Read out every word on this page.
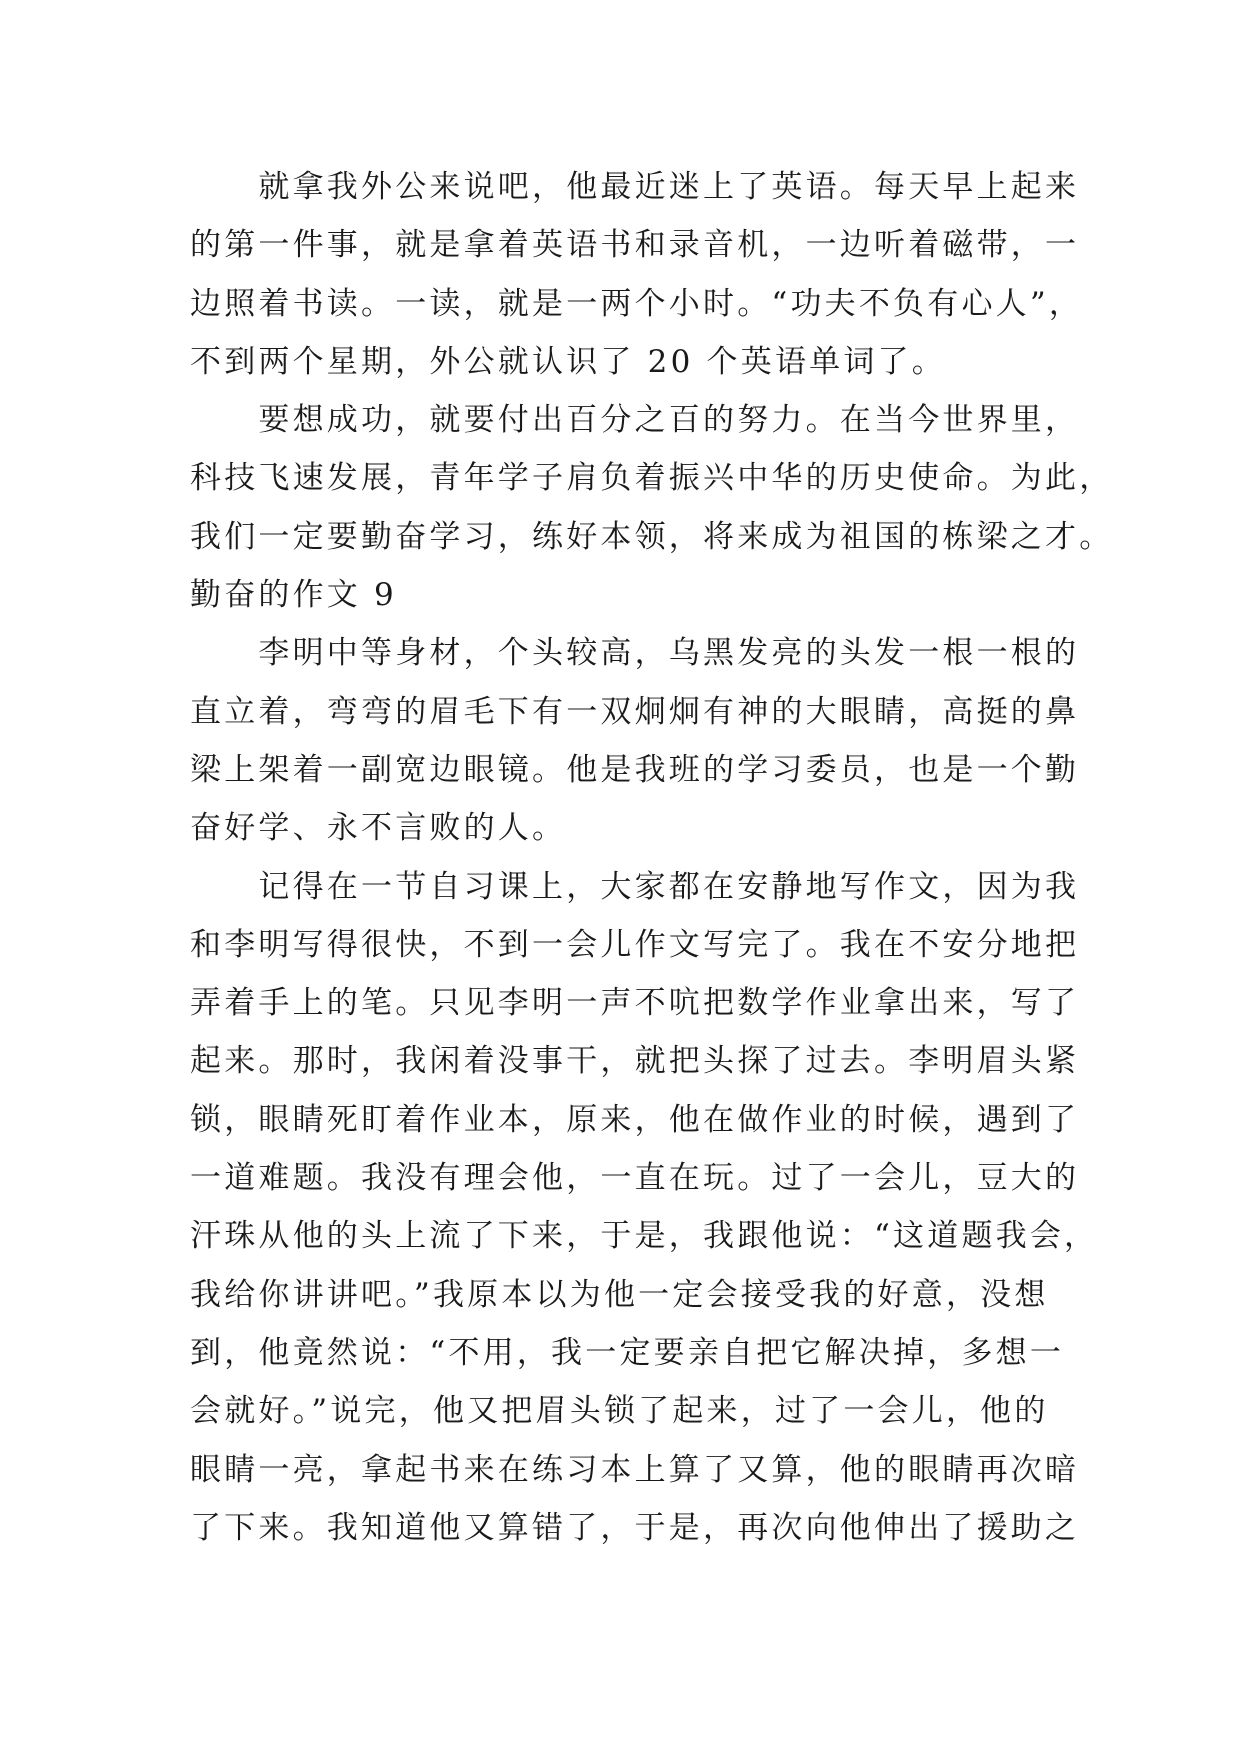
　　就拿我外公来说吧，他最近迷上了英语。每天早上起来
的第一件事，就是拿着英语书和录音机，一边听着磁带，一
边照着书读。一读，就是一两个小时。“功夫不负有心人”，
不到两个星期，外公就认识了 20 个英语单词了。
　　要想成功，就要付出百分之百的努力。在当今世界里，
科技飞速发展，青年学子肩负着振兴中华的历史使命。为此，
我们一定要勤奋学习，练好本领，将来成为祖国的栋梁之才。
勤奋的作文 9
　　李明中等身材，个头较高，乌黑发亮的头发一根一根的
直立着，弯弯的眉毛下有一双炯炯有神的大眼睛，高挺的鼻
梁上架着一副宽边眼镜。他是我班的学习委员，也是一个勤
奋好学、永不言败的人。
　　记得在一节自习课上，大家都在安静地写作文，因为我
和李明写得很快，不到一会儿作文写完了。我在不安分地把
弄着手上的笔。只见李明一声不吭把数学作业拿出来，写了
起来。那时，我闲着没事干，就把头探了过去。李明眉头紧
锁，眼睛死盯着作业本，原来，他在做作业的时候，遇到了
一道难题。我没有理会他，一直在玩。过了一会儿，豆大的
汗珠从他的头上流了下来，于是，我跟他说：“这道题我会，
我给你讲讲吧。”我原本以为他一定会接受我的好意，没想
到，他竟然说：“不用，我一定要亲自把它解决掉，多想一
会就好。”说完，他又把眉头锁了起来，过了一会儿，他的
眼睛一亮，拿起书来在练习本上算了又算，他的眼睛再次暗
了下来。我知道他又算错了，于是，再次向他伸出了援助之
